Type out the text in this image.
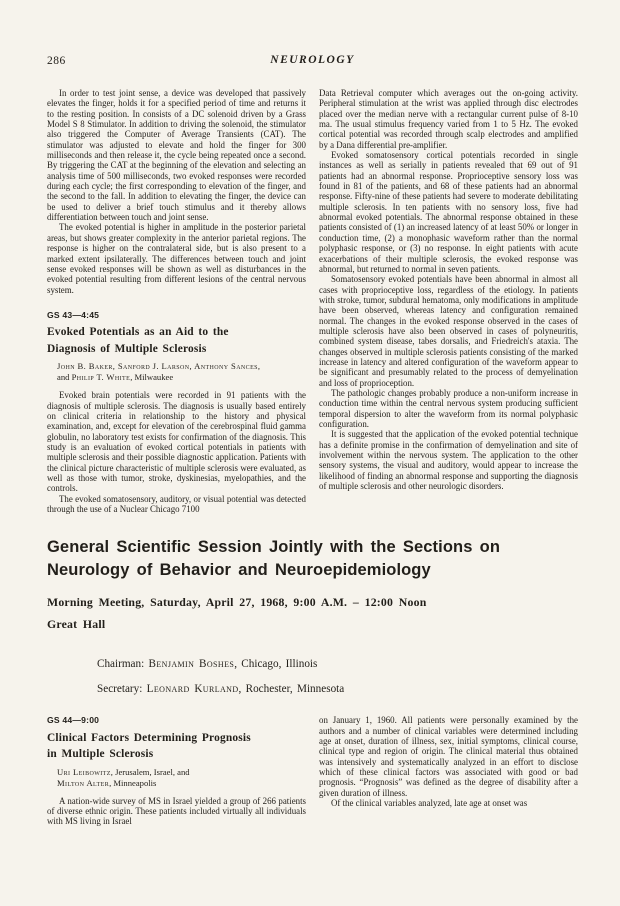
286	NEUROLOGY

In order to test joint sense, a device was developed that passively elevates the finger, holds it for a specified period of time and returns it to the resting position. In consists of a DC solenoid driven by a Grass Model S 8 Stimulator. In addition to driving the solenoid, the stimulator also triggered the Computer of Average Transients (CAT). The stimulator was adjusted to elevate and hold the finger for 300 milliseconds and then release it, the cycle being repeated once a second. By triggering the CAT at the beginning of the elevation and selecting an analysis time of 500 milliseconds, two evoked responses were recorded during each cycle; the first corresponding to elevation of the finger, and the second to the fall. In addition to elevating the finger, the device can be used to deliver a brief touch stimulus and it thereby allows differentiation between touch and joint sense.

The evoked potential is higher in amplitude in the posterior parietal areas, but shows greater complexity in the anterior parietal regions. The response is higher on the contralateral side, but is also present to a marked extent ipsilaterally. The differences between touch and joint sense evoked responses will be shown as well as disturbances in the evoked potential resulting from different lesions of the central nervous system.

GS 43—4:45
Evoked Potentials as an Aid to the
Diagnosis of Multiple Sclerosis
John B. Baker, Sanford J. Larson, Anthony Sances,
and Philip T. White, Milwaukee

Evoked brain potentials were recorded in 91 patients with the diagnosis of multiple sclerosis. The diagnosis is usually based entirely on clinical criteria in relationship to the history and physical examination, and, except for elevation of the cerebrospinal fluid gamma globulin, no laboratory test exists for confirmation of the diagnosis. This study is an evaluation of evoked cortical potentials in patients with multiple sclerosis and their possible diagnostic application. Patients with the clinical picture characteristic of multiple sclerosis were evaluated, as well as those with tumor, stroke, dyskinesias, myelopathies, and the controls.

The evoked somatosensory, auditory, or visual potential was detected through the use of a Nuclear Chicago 7100

Data Retrieval computer which averages out the on-going activity. Peripheral stimulation at the wrist was applied through disc electrodes placed over the median nerve with a rectangular current pulse of 8-10 ma. The usual stimulus frequency varied from 1 to 5 Hz. The evoked cortical potential was recorded through scalp electrodes and amplified by a Dana differential pre-amplifier.

Evoked somatosensory cortical potentials recorded in single instances as well as serially in patients revealed that 69 out of 91 patients had an abnormal response. Proprioceptive sensory loss was found in 81 of the patients, and 68 of these patients had an abnormal response. Fifty-nine of these patients had severe to moderate debilitating multiple sclerosis. In ten patients with no sensory loss, five had abnormal evoked potentials. The abnormal response obtained in these patients consisted of (1) an increased latency of at least 50% or longer in conduction time, (2) a monophasic waveform rather than the normal polyphasic response, or (3) no response. In eight patients with acute exacerbations of their multiple sclerosis, the evoked response was abnormal, but returned to normal in seven patients.

Somatosensory evoked potentials have been abnormal in almost all cases with proprioceptive loss, regardless of the etiology. In patients with stroke, tumor, subdural hematoma, only modifications in amplitude have been observed, whereas latency and configuration remained normal. The changes in the evoked response observed in the cases of multiple sclerosis have also been observed in cases of polyneuritis, combined system disease, tabes dorsalis, and Friedreich's ataxia. The changes observed in multiple sclerosis patients consisting of the marked increase in latency and altered configuration of the waveform appear to be significant and presumably related to the process of demyelination and loss of proprioception.

The pathologic changes probably produce a non-uniform increase in conduction time within the central nervous system producing sufficient temporal dispersion to alter the waveform from its normal polyphasic configuration.

It is suggested that the application of the evoked potential technique has a definite promise in the confirmation of demyelination and site of involvement within the nervous system. The application to the other sensory systems, the visual and auditory, would appear to increase the likelihood of finding an abnormal response and supporting the diagnosis of multiple sclerosis and other neurologic disorders.

General Scientific Session Jointly with the Sections on
Neurology of Behavior and Neuroepidemiology
Morning Meeting, Saturday, April 27, 1968, 9:00 A.M. – 12:00 Noon
Great Hall
Chairman: Benjamin Boshes, Chicago, Illinois
Secretary: Leonard Kurland, Rochester, Minnesota
GS 44—9:00
Clinical Factors Determining Prognosis
in Multiple Sclerosis
Uri Leibowitz, Jerusalem, Israel, and
Milton Alter, Minneapolis

A nation-wide survey of MS in Israel yielded a group of 266 patients of diverse ethnic origin. These patients included virtually all individuals with MS living in Israel

on January 1, 1960. All patients were personally examined by the authors and a number of clinical variables were determined including age at onset, duration of illness, sex, initial symptoms, clinical course, clinical type and region of origin. The clinical material thus obtained was intensively and systematically analyzed in an effort to disclose which of these clinical factors was associated with good or bad prognosis. “Prognosis” was defined as the degree of disability after a given duration of illness.

Of the clinical variables analyzed, late age at onset was
